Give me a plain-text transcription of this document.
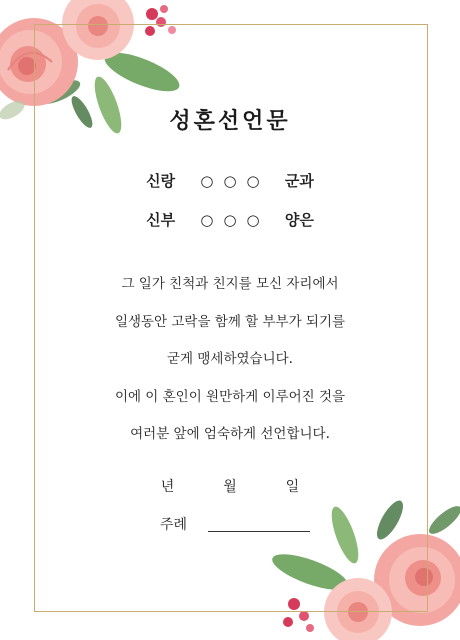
성혼선언문
신랑 ○○○ 군과
신부 ○○○ 양은
그 일가 친척과 친지를 모신 자리에서
일생동안 고락을 함께 할 부부가 되기를
굳게 맹세하였습니다.
이에 이 혼인이 원만하게 이루어진 것을
여러분 앞에 엄숙하게 선언합니다.
년	월	일
주례
